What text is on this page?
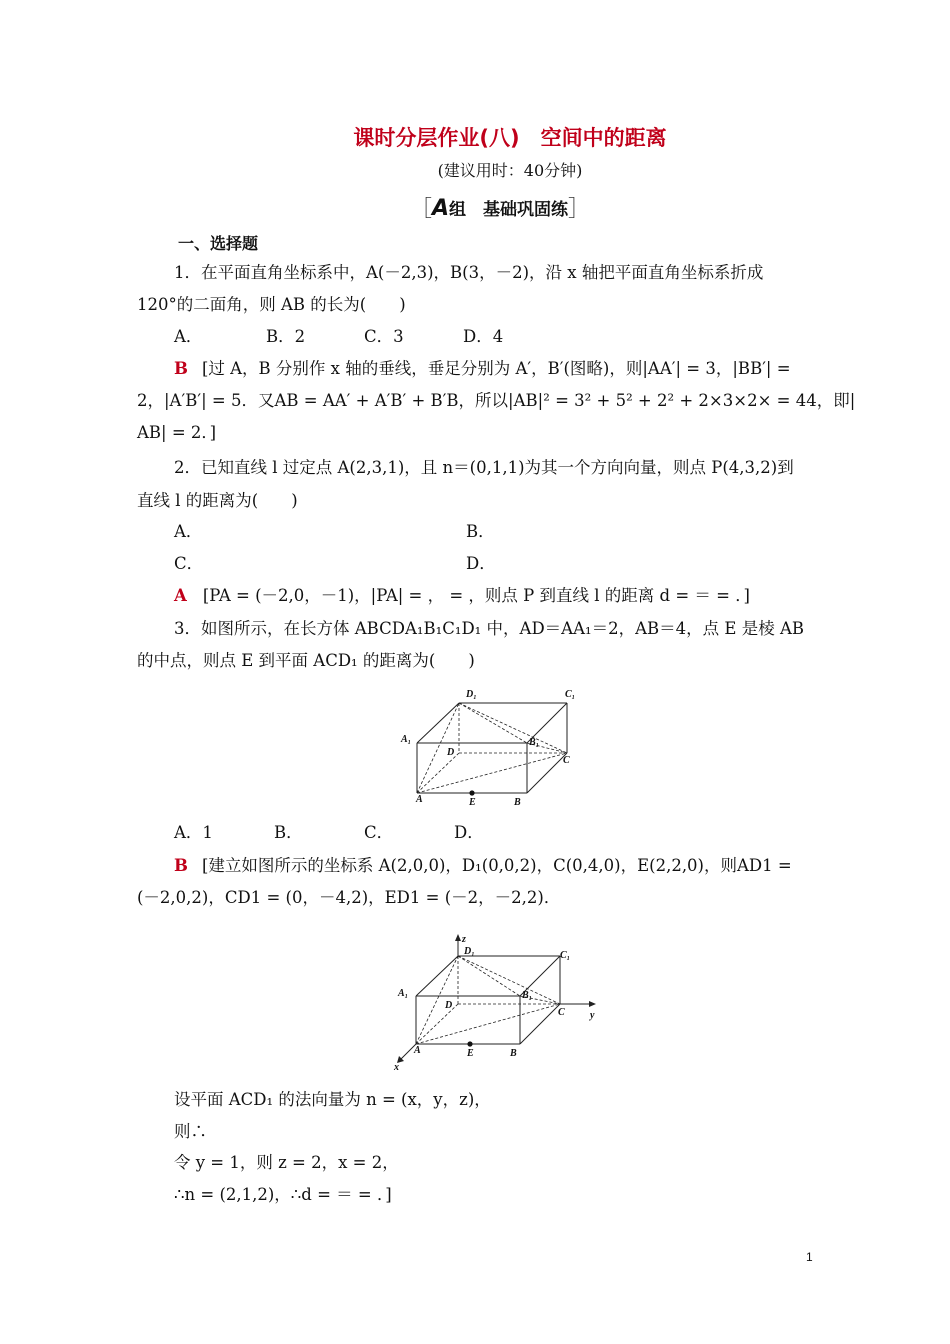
课时分层作业(八)　空间中的距离
(建议用时：40分钟)
［A组　基础巩固练］
一、选择题
1．在平面直角坐标系中，A(－2,3)，B(3，－2)，沿 x 轴把平面直角坐标系折成
120°的二面角，则 AB 的长为(　　)
A．	B．2	C．3	D．4
B [过 A，B 分别作 x 轴的垂线，垂足分别为 A′，B′(图略)，则|AA′| = 3，|BB′| =
2，|A′B′| = 5．又AB = AA′ + A′B′ + B′B，所以|AB|² = 3² + 5² + 2² + 2×3×2× = 44，即|
AB| = 2．]
2．已知直线 l 过定点 A(2,3,1)，且 n＝(0,1,1)为其一个方向向量，则点 P(4,3,2)到
直线 l 的距离为(　　)
A．	B．
C．	D．
A [PA = (－2,0，－1)，|PA| = ， = ，则点 P 到直线 l 的距离 d = ＝ = ．]
3．如图所示，在长方体 ABCDA₁B₁C₁D₁ 中，AD＝AA₁＝2，AB＝4，点 E 是棱 AB
的中点，则点 E 到平面 ACD₁ 的距离为(　　)
D₁	C₁
A₁
D
B₁
C
A	E	B
A．1	B．	C．	D．
B [建立如图所示的坐标系 A(2,0,0)，D₁(0,0,2)，C(0,4,0)，E(2,2,0)，则AD1 =
(－2,0,2)，CD1 = (0，－4,2)，ED1 = (－2，－2,2)．
z
D₁	C₁
A₁
D
B₁
C	y
A	E	B
x
设平面 ACD₁ 的法向量为 n = (x，y，z)，
则∴
令 y = 1，则 z = 2，x = 2，
∴n = (2,1,2)，∴d = ＝ = ．]
1
